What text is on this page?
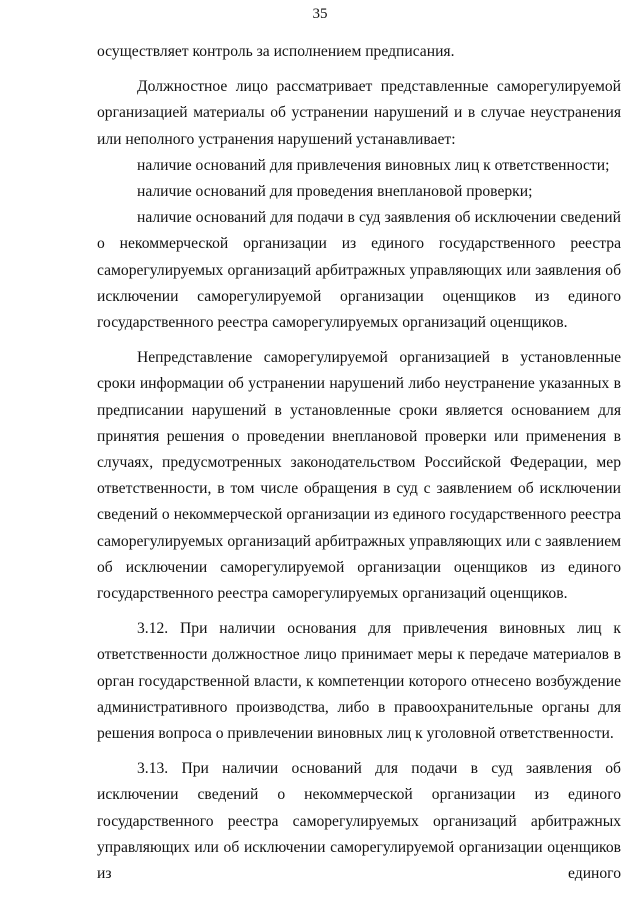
35

осуществляет контроль за исполнением предписания.

Должностное лицо рассматривает представленные саморегулируемой организацией материалы об устранении нарушений и в случае неустранения или неполного устранения нарушений устанавливает:

наличие оснований для привлечения виновных лиц к ответственности;

наличие оснований для проведения внеплановой проверки;

наличие оснований для подачи в суд заявления об исключении сведений о некоммерческой организации из единого государственного реестра саморегулируемых организаций арбитражных управляющих или заявления об исключении саморегулируемой организации оценщиков из единого государственного реестра саморегулируемых организаций оценщиков.

Непредставление саморегулируемой организацией в установленные сроки информации об устранении нарушений либо неустранение указанных в предписании нарушений в установленные сроки является основанием для принятия решения о проведении внеплановой проверки или применения в случаях, предусмотренных законодательством Российской Федерации, мер ответственности, в том числе обращения в суд с заявлением об исключении сведений о некоммерческой организации из единого государственного реестра саморегулируемых организаций арбитражных управляющих или с заявлением об исключении саморегулируемой организации оценщиков из единого государственного реестра саморегулируемых организаций оценщиков.

3.12. При наличии основания для привлечения виновных лиц к ответственности должностное лицо принимает меры к передаче материалов в орган государственной власти, к компетенции которого отнесено возбуждение административного производства, либо в правоохранительные органы для решения вопроса о привлечении виновных лиц к уголовной ответственности.

3.13. При наличии оснований для подачи в суд заявления об исключении сведений о некоммерческой организации из единого государственного реестра саморегулируемых организаций арбитражных управляющих или об исключении саморегулируемой организации оценщиков из единого
